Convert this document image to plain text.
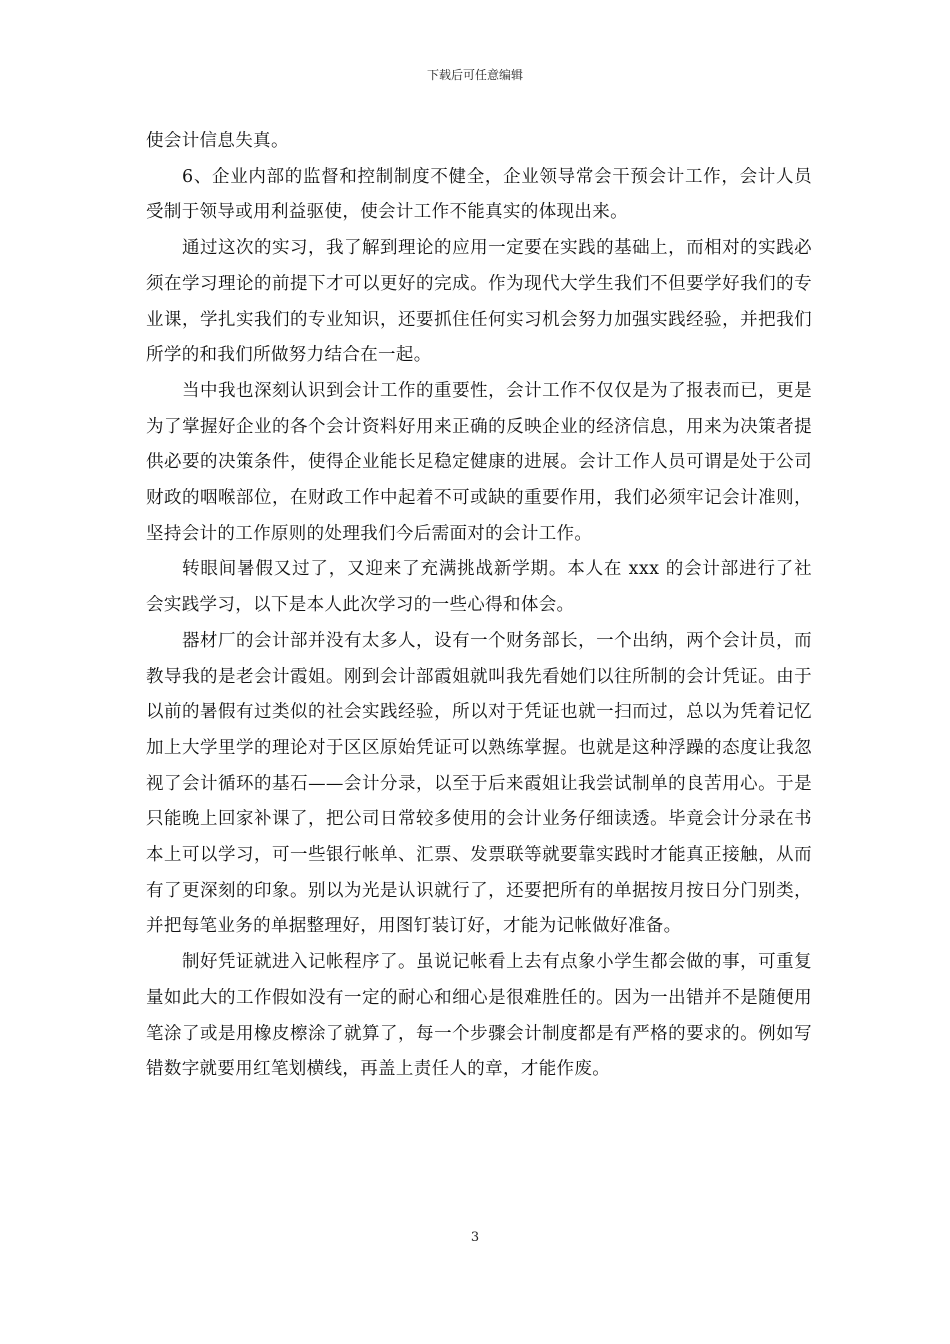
下载后可任意编辑

使会计信息失真。

6、企业内部的监督和控制制度不健全，企业领导常会干预会计工作，会计人员受制于领导或用利益驱使，使会计工作不能真实的体现出来。

通过这次的实习，我了解到理论的应用一定要在实践的基础上，而相对的实践必须在学习理论的前提下才可以更好的完成。作为现代大学生我们不但要学好我们的专业课，学扎实我们的专业知识，还要抓住任何实习机会努力加强实践经验，并把我们所学的和我们所做努力结合在一起。

当中我也深刻认识到会计工作的重要性，会计工作不仅仅是为了报表而已，更是为了掌握好企业的各个会计资料好用来正确的反映企业的经济信息，用来为决策者提供必要的决策条件，使得企业能长足稳定健康的进展。会计工作人员可谓是处于公司财政的咽喉部位，在财政工作中起着不可或缺的重要作用，我们必须牢记会计准则，坚持会计的工作原则的处理我们今后需面对的会计工作。

转眼间暑假又过了，又迎来了充满挑战新学期。本人在 xxx 的会计部进行了社会实践学习，以下是本人此次学习的一些心得和体会。

器材厂的会计部并没有太多人，设有一个财务部长，一个出纳，两个会计员，而教导我的是老会计霞姐。刚到会计部霞姐就叫我先看她们以往所制的会计凭证。由于以前的暑假有过类似的社会实践经验，所以对于凭证也就一扫而过，总以为凭着记忆加上大学里学的理论对于区区原始凭证可以熟练掌握。也就是这种浮躁的态度让我忽视了会计循环的基石——会计分录，以至于后来霞姐让我尝试制单的良苦用心。于是只能晚上回家补课了，把公司日常较多使用的会计业务仔细读透。毕竟会计分录在书本上可以学习，可一些银行帐单、汇票、发票联等就要靠实践时才能真正接触，从而有了更深刻的印象。别以为光是认识就行了，还要把所有的单据按月按日分门别类，并把每笔业务的单据整理好，用图钉装订好，才能为记帐做好准备。

制好凭证就进入记帐程序了。虽说记帐看上去有点象小学生都会做的事，可重复量如此大的工作假如没有一定的耐心和细心是很难胜任的。因为一出错并不是随便用笔涂了或是用橡皮檫涂了就算了，每一个步骤会计制度都是有严格的要求的。例如写错数字就要用红笔划横线，再盖上责任人的章，才能作废。

3
